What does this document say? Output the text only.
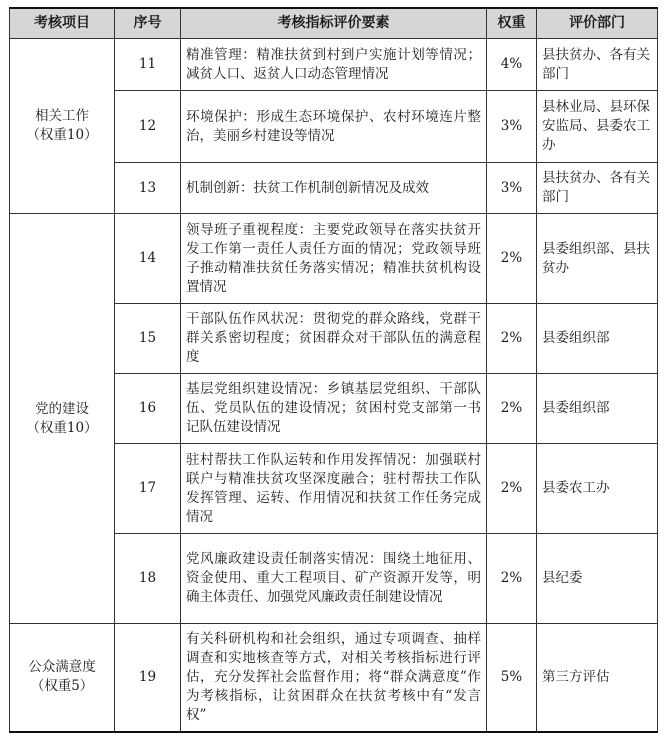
考核项目	序号	考核指标评价要素	权重	评价部门

相关工作
（权重10）	11	精准管理：精准扶贫到村到户实施计划等情况；减贫人口、返贫人口动态管理情况	4%	县扶贫办、各有关部门
	12	环境保护：形成生态环境保护、农村环境连片整治，美丽乡村建设等情况	3%	县林业局、县环保安监局、县委农工办
	13	机制创新：扶贫工作机制创新情况及成效	3%	县扶贫办、各有关部门

党的建设
（权重10）	14	领导班子重视程度：主要党政领导在落实扶贫开发工作第一责任人责任方面的情况；党政领导班子推动精准扶贫任务落实情况；精准扶贫机构设置情况	2%	县委组织部、县扶贫办
	15	干部队伍作风状况：贯彻党的群众路线，党群干群关系密切程度；贫困群众对干部队伍的满意程度	2%	县委组织部
	16	基层党组织建设情况：乡镇基层党组织、干部队伍、党员队伍的建设情况；贫困村党支部第一书记队伍建设情况	2%	县委组织部
	17	驻村帮扶工作队运转和作用发挥情况：加强联村联户与精准扶贫攻坚深度融合；驻村帮扶工作队发挥管理、运转、作用情况和扶贫工作任务完成情况	2%	县委农工办
	18	党风廉政建设责任制落实情况：围绕土地征用、资金使用、重大工程项目、矿产资源开发等，明确主体责任、加强党风廉政责任制建设情况	2%	县纪委

公众满意度
（权重5）	19	有关科研机构和社会组织，通过专项调查、抽样调查和实地核查等方式，对相关考核指标进行评估，充分发挥社会监督作用；将“群众满意度”作为考核指标，让贫困群众在扶贫考核中有“发言权”	5%	第三方评估
